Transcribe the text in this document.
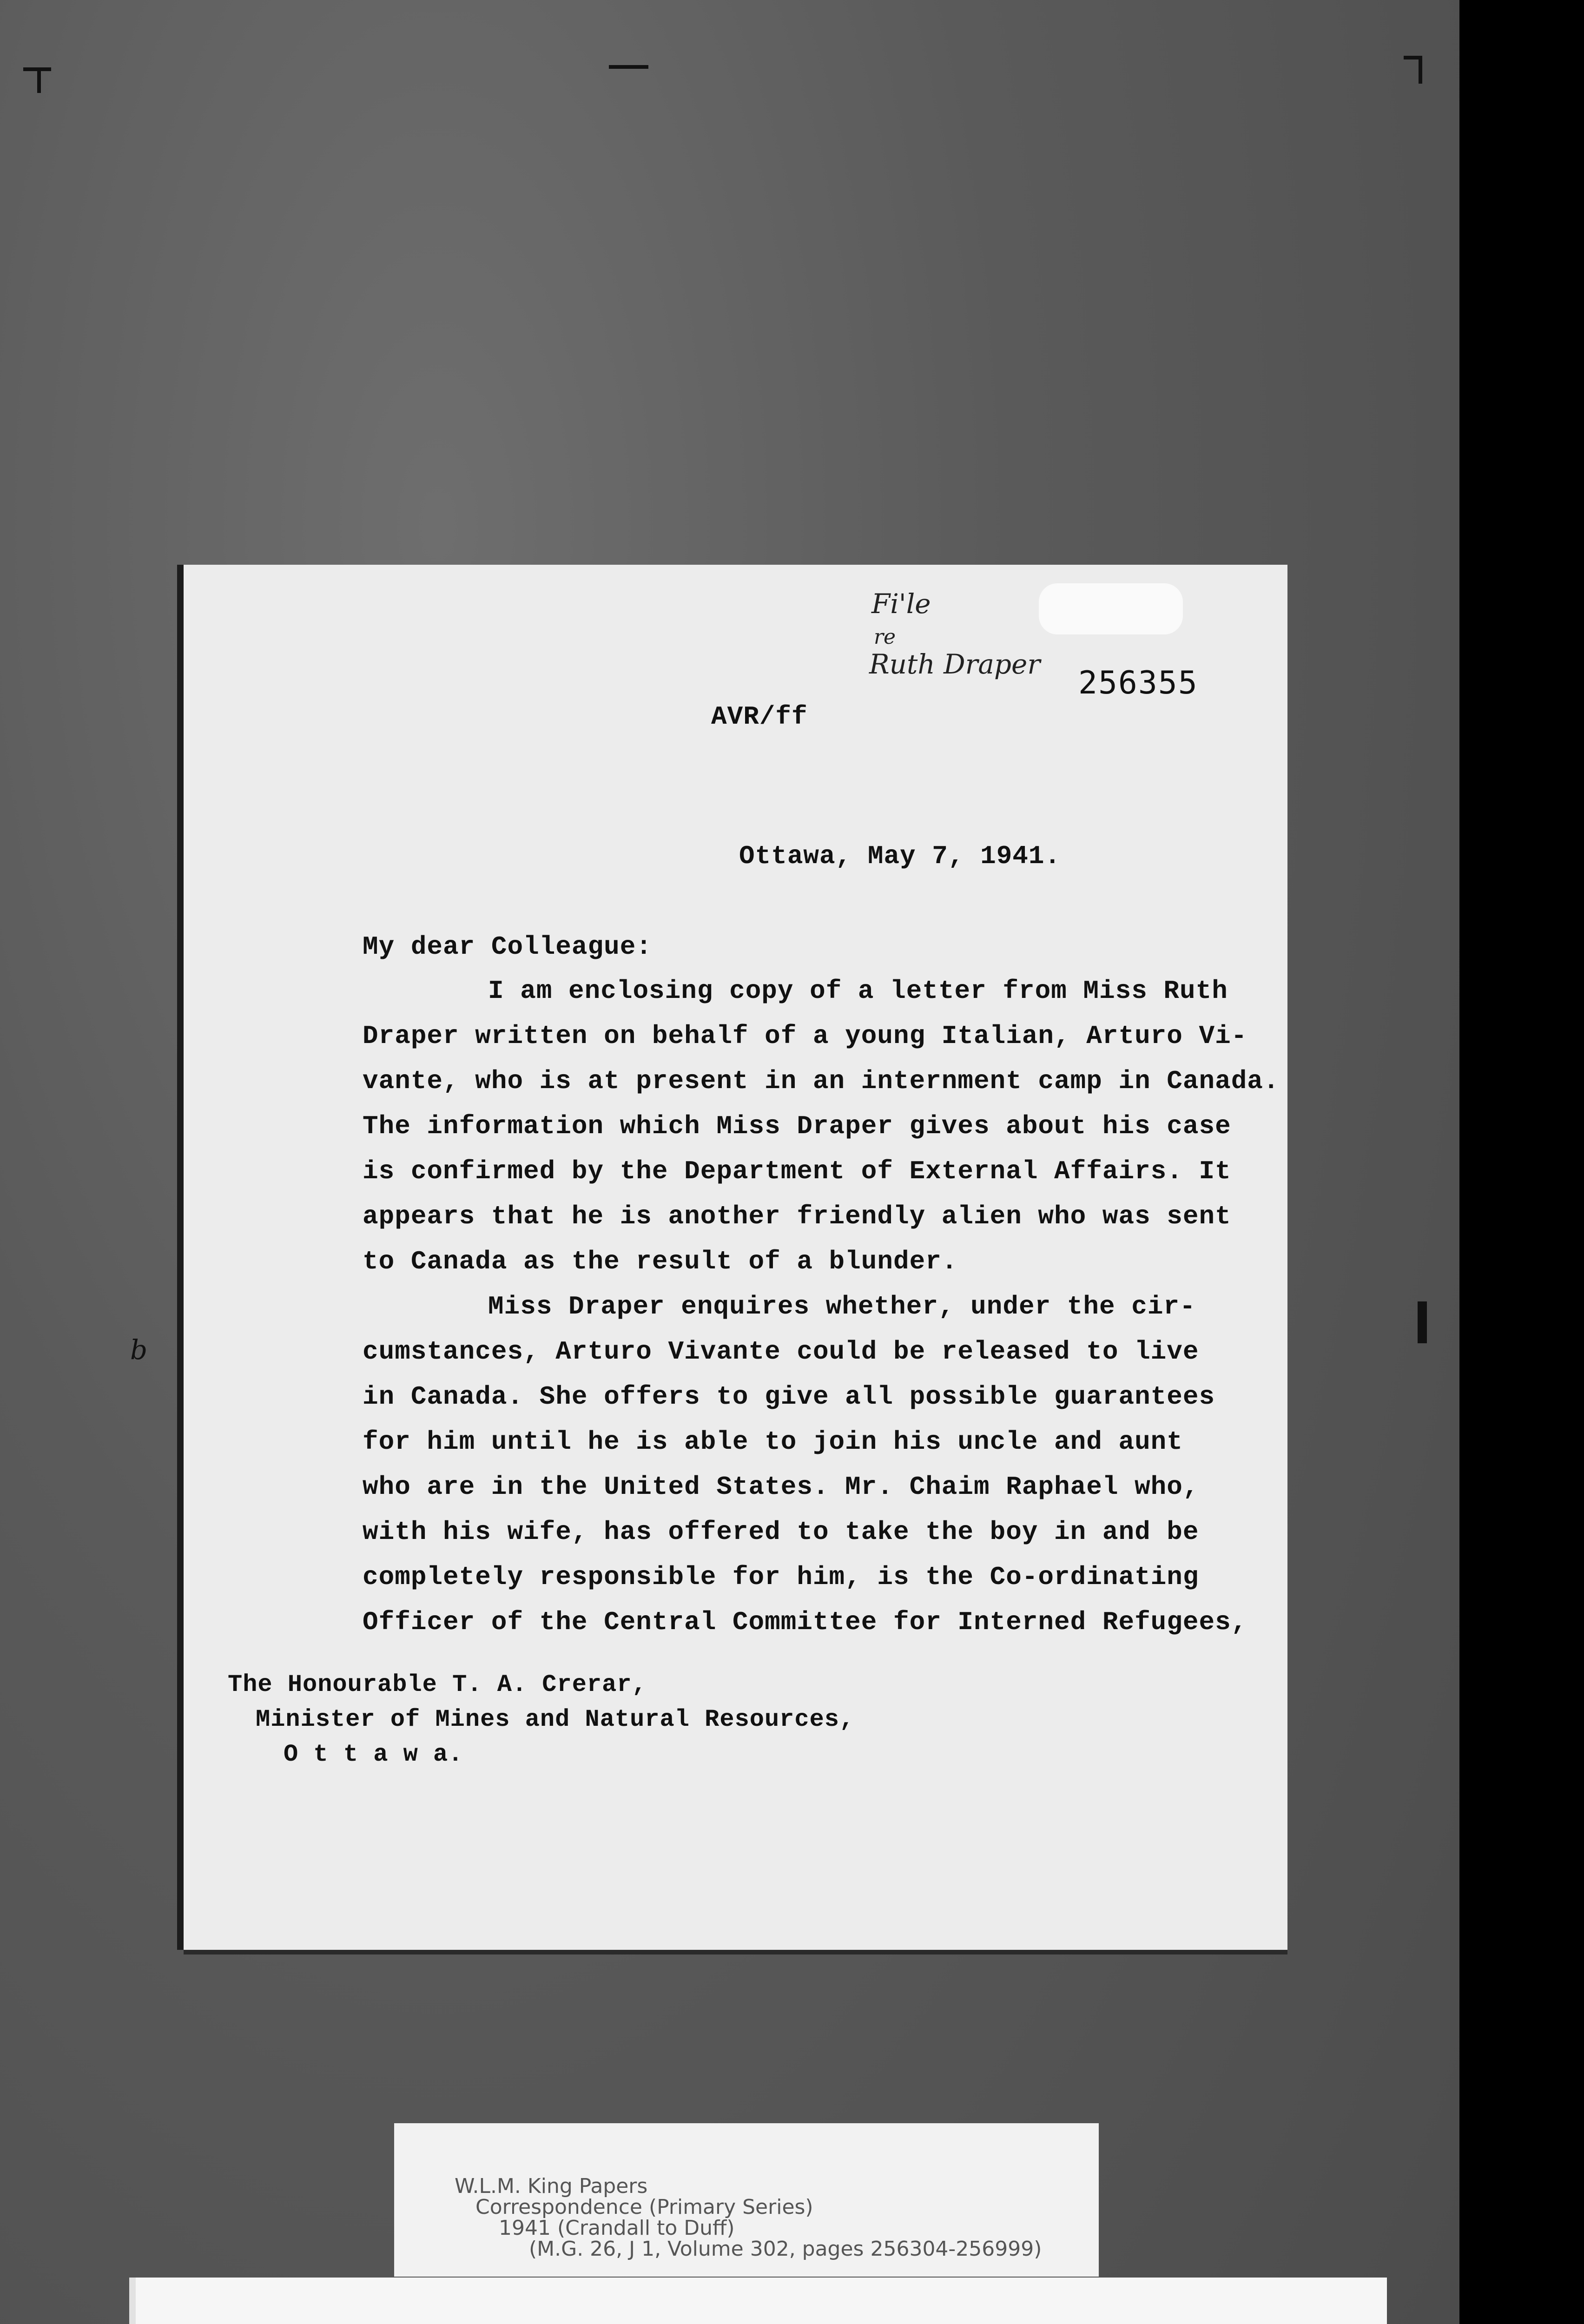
b
Fi'le
re
Ruth Draper
256355
AVR/ff
Ottawa, May 7, 1941.
My dear Colleague:
I am enclosing copy of a letter from Miss Ruth
Draper written on behalf of a young Italian, Arturo Vi-
vante, who is at present in an internment camp in Canada.
The information which Miss Draper gives about his case
is confirmed by the Department of External Affairs. It
appears that he is another friendly alien who was sent
to Canada as the result of a blunder.
Miss Draper enquires whether, under the cir-
cumstances, Arturo Vivante could be released to live
in Canada. She offers to give all possible guarantees
for him until he is able to join his uncle and aunt
who are in the United States. Mr. Chaim Raphael who,
with his wife, has offered to take the boy in and be
completely responsible for him, is the Co-ordinating
Officer of the Central Committee for Interned Refugees,
The Honourable T. A. Crerar,
Minister of Mines and Natural Resources,
O t t a w a.
W.L.M. King Papers
Correspondence (Primary Series)
1941 (Crandall to Duff)
(M.G. 26, J 1, Volume 302, pages 256304-256999)
